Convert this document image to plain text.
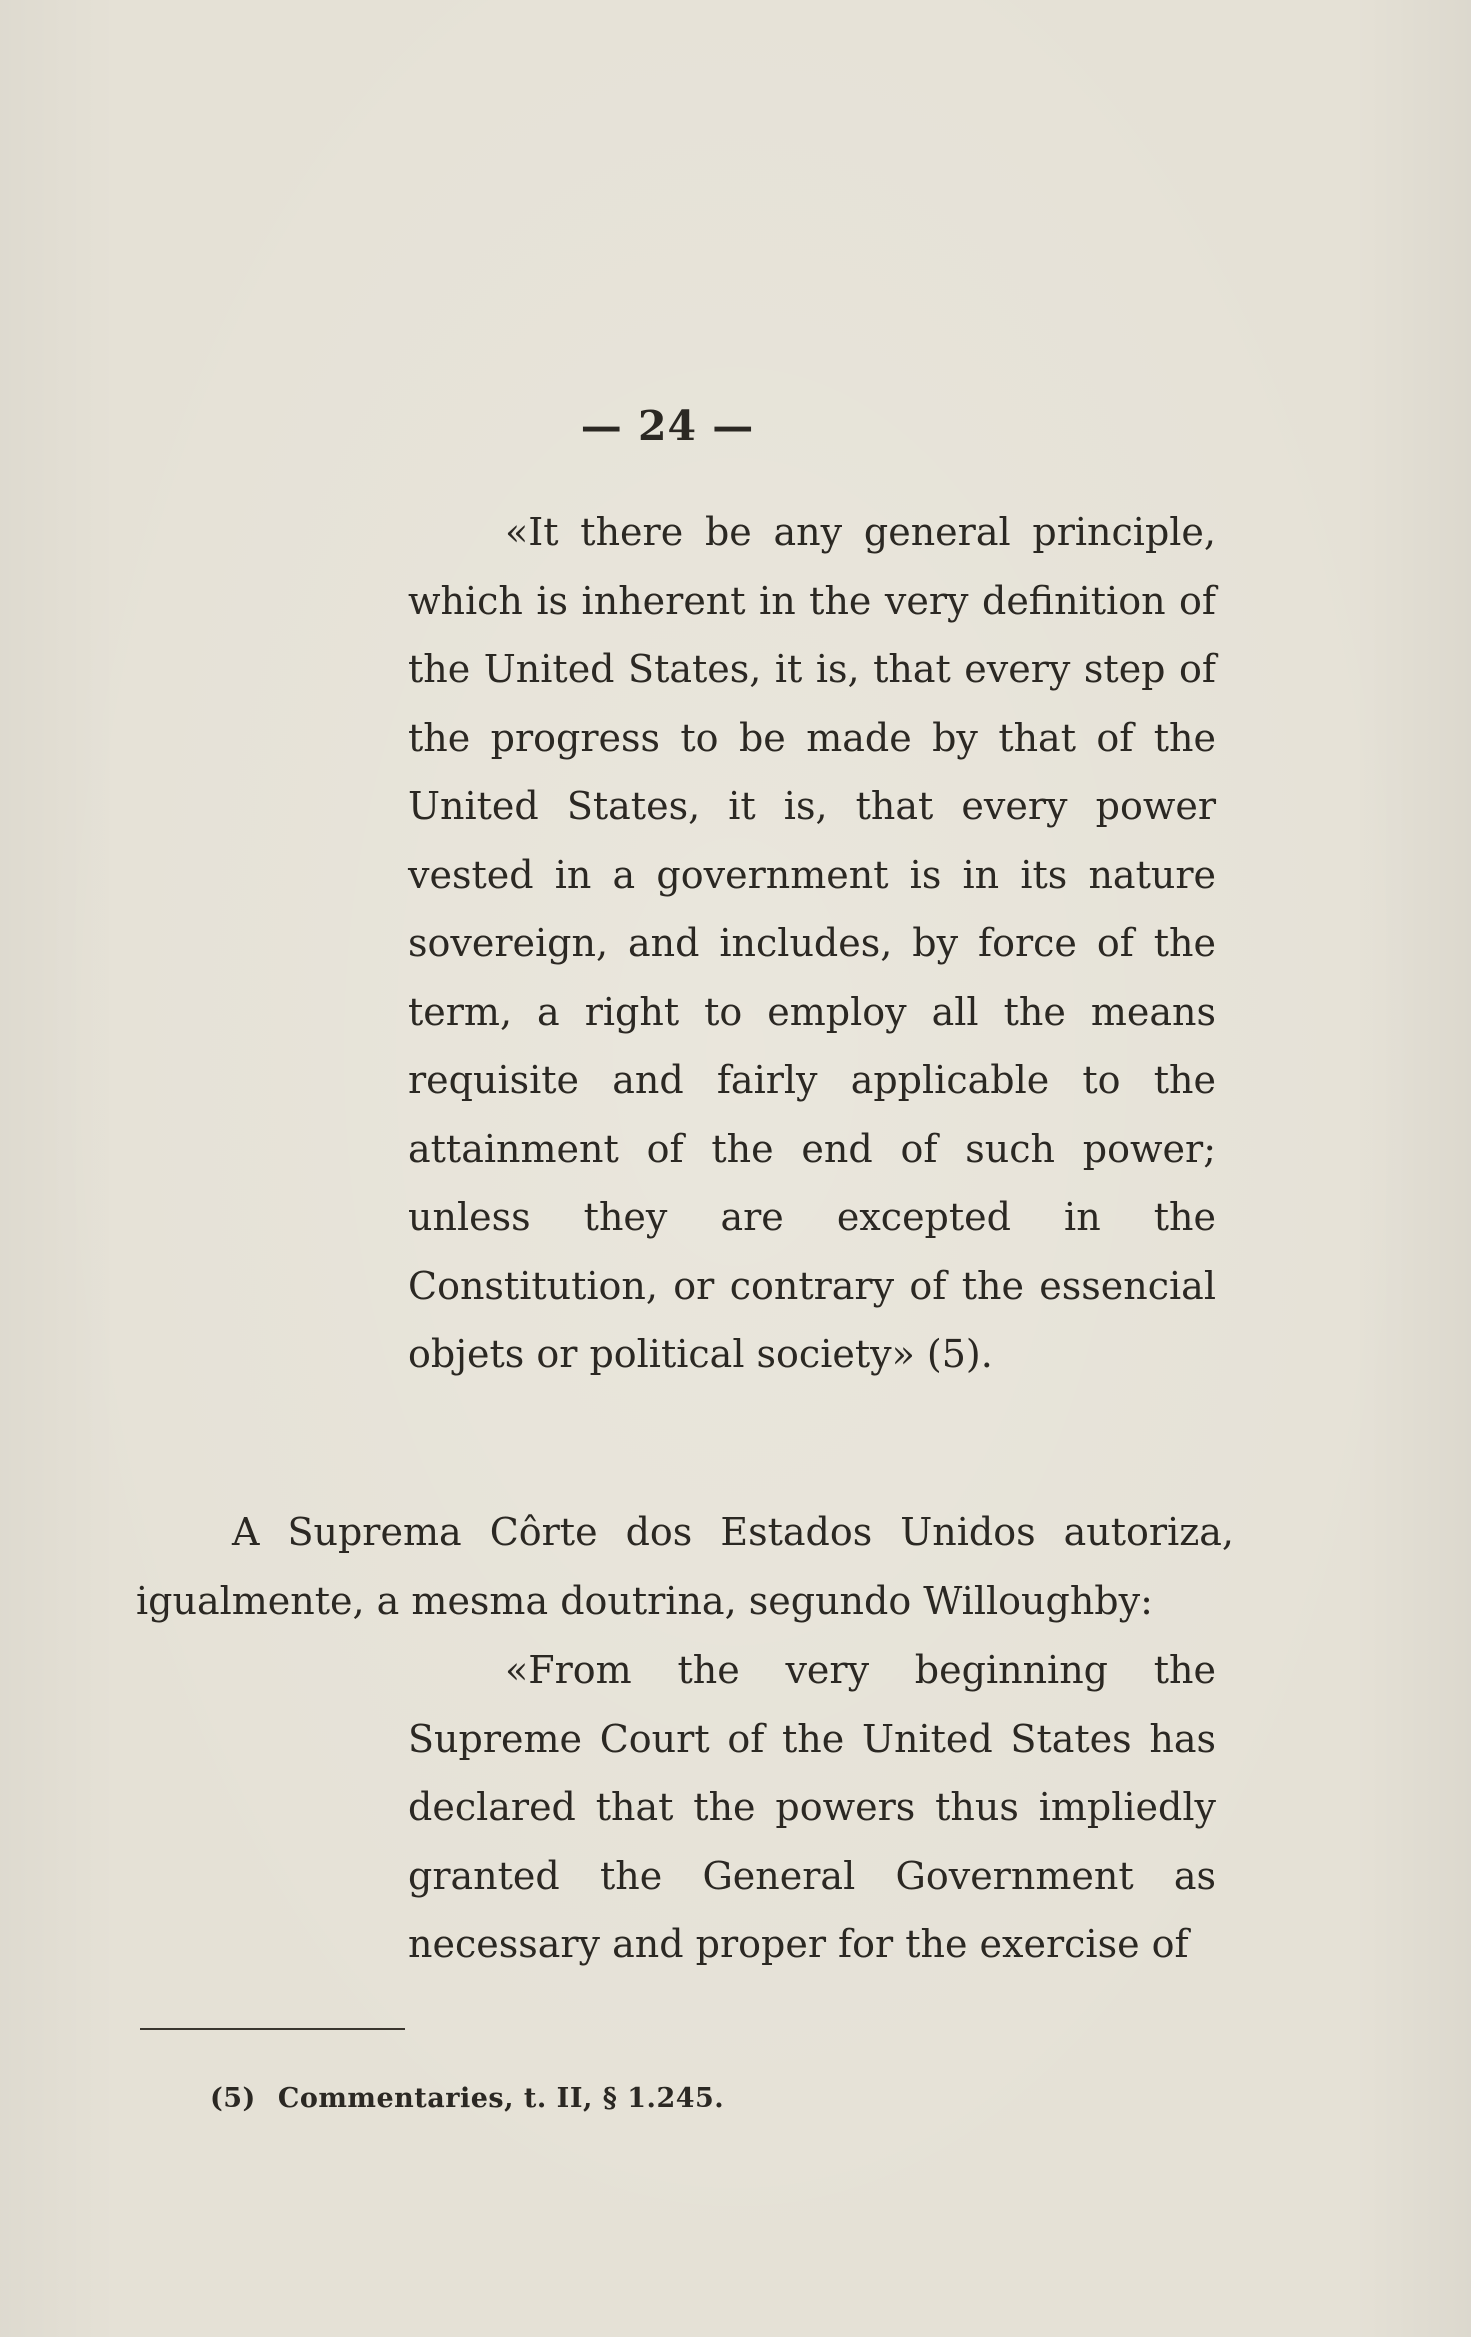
— 24 —

«It there be any general principle, which is inherent in the very definition of the United States, it is, that every step of the progress to be made by that of the United States, it is, that every power vested in a government is in its nature sovereign, and includes, by force of the term, a right to employ all the means requisite and fairly applicable to the attainment of the end of such power; unless they are excepted in the Constitution, or contrary of the essencial objets or political society» (5).

A Suprema Côrte dos Estados Unidos autoriza, igualmente, a mesma doutrina, segundo Willoughby:

«From the very beginning the Supreme Court of the United States has declared that the powers thus impliedly granted the General Government as necessary and proper for the exercise of

(5) Commentaries, t. II, § 1.245.
